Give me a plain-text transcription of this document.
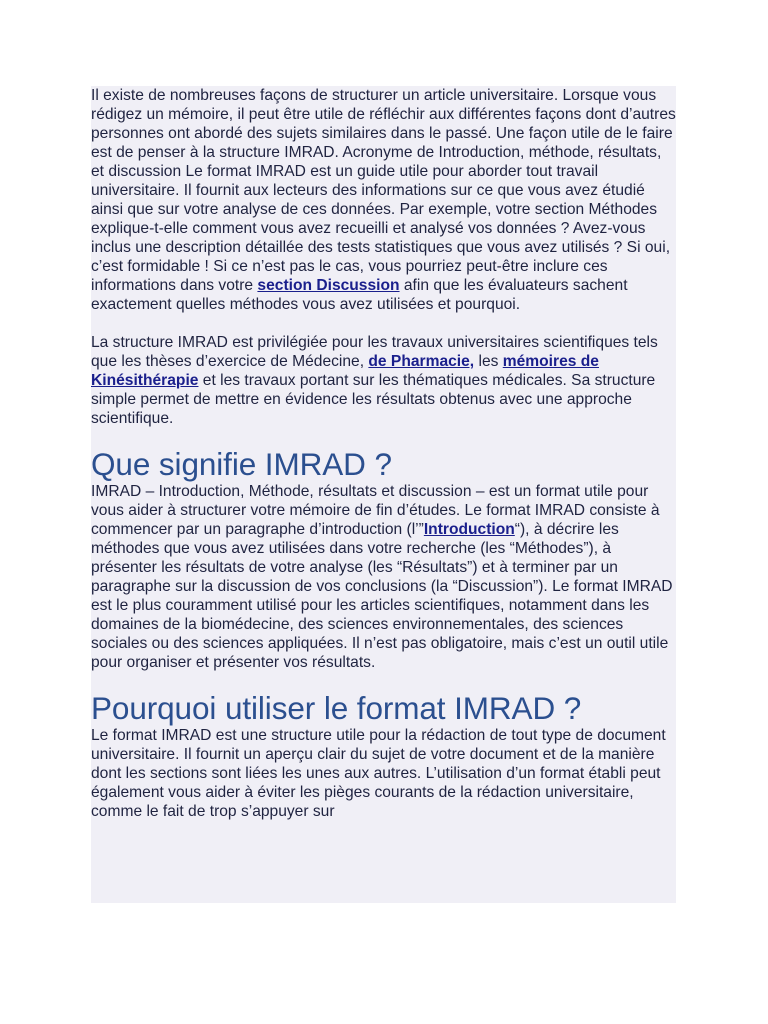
Il existe de nombreuses façons de structurer un article universitaire. Lorsque vous rédigez un mémoire, il peut être utile de réfléchir aux différentes façons dont d’autres personnes ont abordé des sujets similaires dans le passé. Une façon utile de le faire est de penser à la structure IMRAD. Acronyme de Introduction, méthode, résultats, et discussion Le format IMRAD est un guide utile pour aborder tout travail universitaire. Il fournit aux lecteurs des informations sur ce que vous avez étudié ainsi que sur votre analyse de ces données. Par exemple, votre section Méthodes explique-t-elle comment vous avez recueilli et analysé vos données ? Avez-vous inclus une description détaillée des tests statistiques que vous avez utilisés ? Si oui, c’est formidable ! Si ce n’est pas le cas, vous pourriez peut-être inclure ces informations dans votre section Discussion afin que les évaluateurs sachent exactement quelles méthodes vous avez utilisées et pourquoi.

La structure IMRAD est privilégiée pour les travaux universitaires scientifiques tels que les thèses d’exercice de Médecine, de Pharmacie, les mémoires de Kinésithérapie et les travaux portant sur les thématiques médicales. Sa structure simple permet de mettre en évidence les résultats obtenus avec une approche scientifique.

Que signifie IMRAD ?

IMRAD – Introduction, Méthode, résultats et discussion – est un format utile pour vous aider à structurer votre mémoire de fin d’études. Le format IMRAD consiste à commencer par un paragraphe d’introduction (l’”Introduction“), à décrire les méthodes que vous avez utilisées dans votre recherche (les “Méthodes”), à présenter les résultats de votre analyse (les “Résultats”) et à terminer par un paragraphe sur la discussion de vos conclusions (la “Discussion”). Le format IMRAD est le plus couramment utilisé pour les articles scientifiques, notamment dans les domaines de la biomédecine, des sciences environnementales, des sciences sociales ou des sciences appliquées. Il n’est pas obligatoire, mais c’est un outil utile pour organiser et présenter vos résultats.

Pourquoi utiliser le format IMRAD ?

Le format IMRAD est une structure utile pour la rédaction de tout type de document universitaire. Il fournit un aperçu clair du sujet de votre document et de la manière dont les sections sont liées les unes aux autres. L’utilisation d’un format établi peut également vous aider à éviter les pièges courants de la rédaction universitaire, comme le fait de trop s’appuyer sur
